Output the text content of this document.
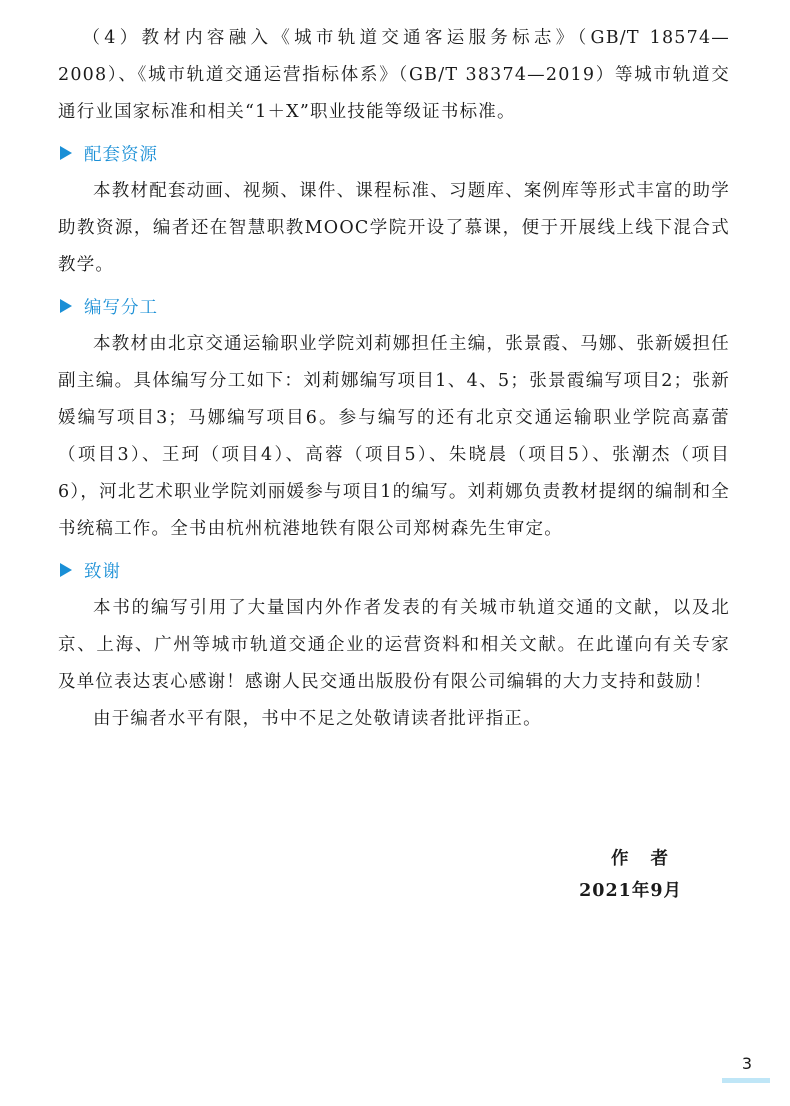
（4）教材内容融入《城市轨道交通客运服务标志》（GB/T 18574—2008）、《城市轨道交通运营指标体系》（GB/T 38374—2019）等城市轨道交通行业国家标准和相关“1＋X”职业技能等级证书标准。

配套资源

本教材配套动画、视频、课件、课程标准、习题库、案例库等形式丰富的助学助教资源，编者还在智慧职教MOOC学院开设了慕课，便于开展线上线下混合式教学。

编写分工

本教材由北京交通运输职业学院刘莉娜担任主编，张景霞、马娜、张新媛担任副主编。具体编写分工如下：刘莉娜编写项目1、4、5；张景霞编写项目2；张新媛编写项目3；马娜编写项目6。参与编写的还有北京交通运输职业学院高嘉蕾（项目3）、王珂（项目4）、高蓉（项目5）、朱晓晨（项目5）、张潮杰（项目6），河北艺术职业学院刘丽媛参与项目1的编写。刘莉娜负责教材提纲的编制和全书统稿工作。全书由杭州杭港地铁有限公司郑树森先生审定。

致谢

本书的编写引用了大量国内外作者发表的有关城市轨道交通的文献，以及北京、上海、广州等城市轨道交通企业的运营资料和相关文献。在此谨向有关专家及单位表达衷心感谢！感谢人民交通出版股份有限公司编辑的大力支持和鼓励！

由于编者水平有限，书中不足之处敬请读者批评指正。

作者
2021年9月
3
